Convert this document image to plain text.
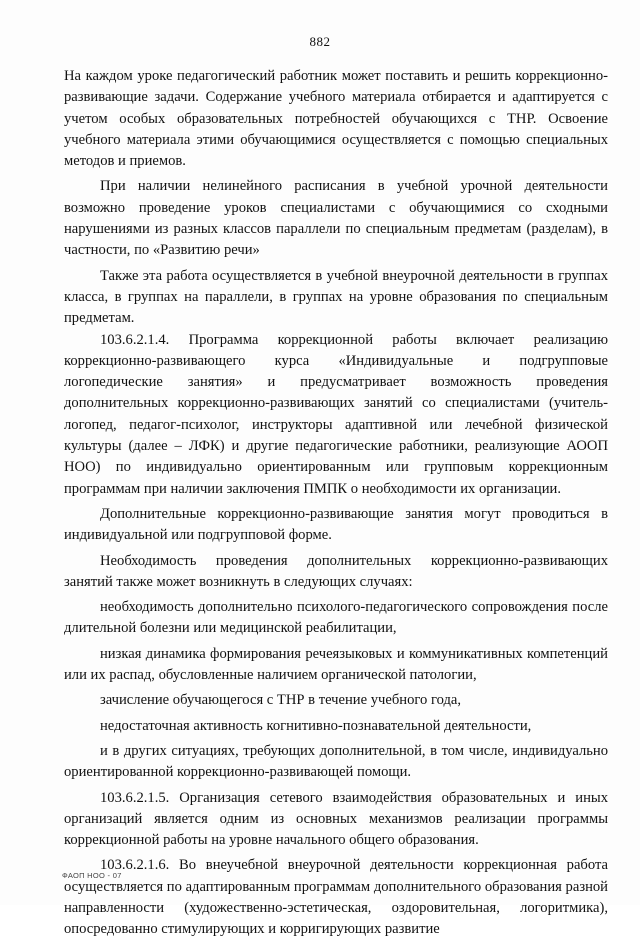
882

На каждом уроке педагогический работник может поставить и решить коррекционно-развивающие задачи. Содержание учебного материала отбирается и адаптируется с учетом особых образовательных потребностей обучающихся с ТНР. Освоение учебного материала этими обучающимися осуществляется с помощью специальных методов и приемов.

При наличии нелинейного расписания в учебной урочной деятельности возможно проведение уроков специалистами с обучающимися со сходными нарушениями из разных классов параллели по специальным предметам (разделам), в частности, по «Развитию речи»

Также эта работа осуществляется в учебной внеурочной деятельности в группах класса, в группах на параллели, в группах на уровне образования по специальным предметам.

103.6.2.1.4. Программа коррекционной работы включает реализацию коррекционно-развивающего курса «Индивидуальные и подгрупповые логопедические занятия» и предусматривает возможность проведения дополнительных коррекционно-развивающих занятий со специалистами (учитель-логопед, педагог-психолог, инструкторы адаптивной или лечебной физической культуры (далее – ЛФК) и другие педагогические работники, реализующие АООП НОО) по индивидуально ориентированным или групповым коррекционным программам при наличии заключения ПМПК о необходимости их организации.

Дополнительные коррекционно-развивающие занятия могут проводиться в индивидуальной или подгрупповой форме.

Необходимость проведения дополнительных коррекционно-развивающих занятий также может возникнуть в следующих случаях:

необходимость дополнительно психолого-педагогического сопровождения после длительной болезни или медицинской реабилитации,

низкая динамика формирования речеязыковых и коммуникативных компетенций или их распад, обусловленные наличием органической патологии,

зачисление обучающегося с ТНР в течение учебного года,

недостаточная активность когнитивно-познавательной деятельности,

и в других ситуациях, требующих дополнительной, в том числе, индивидуально ориентированной коррекционно-развивающей помощи.

103.6.2.1.5. Организация сетевого взаимодействия образовательных и иных организаций является одним из основных механизмов реализации программы коррекционной работы на уровне начального общего образования.

103.6.2.1.6. Во внеучебной внеурочной деятельности коррекционная работа осуществляется по адаптированным программам дополнительного образования разной направленности (художественно-эстетическая, оздоровительная, логоритмика), опосредованно стимулирующих и корригирующих развитие

ФАОП НОО - 07
